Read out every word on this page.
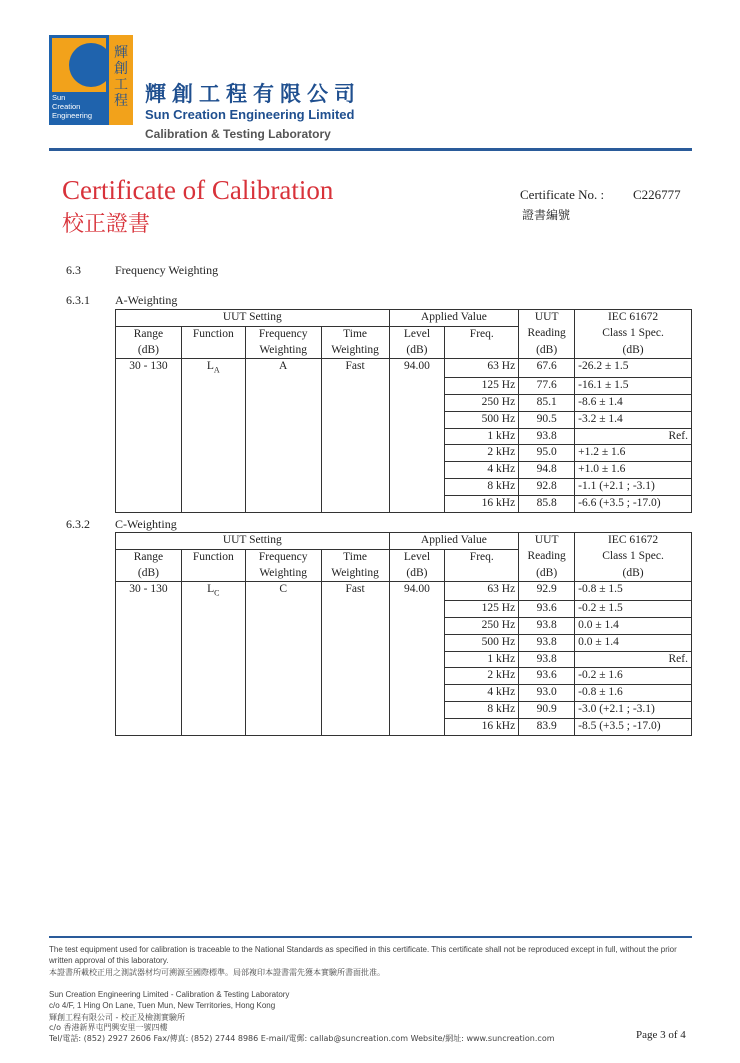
輝
創
工
程
Sun
Creation
Engineering
輝創工程有限公司
Sun Creation Engineering Limited
Calibration & Testing Laboratory
Certificate of Calibration
校正證書
Certificate No. : C226777
證書編號
6.3	Frequency Weighting
6.3.1 A-Weighting
UUT Setting				Applied Value		UUT	IEC 61672
Range	Function	Frequency	Time	Level	Freq.	Reading	Class 1 Spec.
(dB)		Weighting	Weighting	(dB)		(dB)	(dB)
30 - 130	$L_A$	A	Fast	94.00	63 Hz	67.6	-26.2 ± 1.5
					125 Hz	77.6	-16.1 ± 1.5
					250 Hz	85.1	-8.6 ± 1.4
					500 Hz	90.5	-3.2 ± 1.4
					1 kHz	93.8	Ref.
					2 kHz	95.0	+1.2 ± 1.6
					4 kHz	94.8	+1.0 ± 1.6
					8 kHz	92.8	-1.1 (+2.1 ; -3.1)
					16 kHz	85.8	-6.6 (+3.5 ; -17.0)
6.3.2 C-Weighting
UUT Setting				Applied Value		UUT	IEC 61672
Range	Function	Frequency	Time	Level	Freq.	Reading	Class 1 Spec.
(dB)		Weighting	Weighting	(dB)		(dB)	(dB)
30 - 130	$L_C$	C	Fast	94.00	63 Hz	92.9	-0.8 ± 1.5
					125 Hz	93.6	-0.2 ± 1.5
					250 Hz	93.8	0.0 ± 1.4
					500 Hz	93.8	0.0 ± 1.4
					1 kHz	93.8	Ref.
					2 kHz	93.6	-0.2 ± 1.6
					4 kHz	93.0	-0.8 ± 1.6
					8 kHz	90.9	-3.0 (+2.1 ; -3.1)
					16 kHz	83.9	-8.5 (+3.5 ; -17.0)
The test equipment used for calibration is traceable to the National Standards as specified in this certificate. This certificate shall not be reproduced except in full, without the prior
written approval of this laboratory.
本證書所載校正用之測試器材均可溯源至國際標準。局部複印本證書需先獲本實驗所書面批准。
Sun Creation Engineering Limited - Calibration & Testing Laboratory
c/o 4/F, 1 Hing On Lane, Tuen Mun, New Territories, Hong Kong
輝創工程有限公司 - 校正及檢測實驗所
c/o 香港新界屯門興安里一號四樓
Tel/電話: (852) 2927 2606 Fax/傳真: (852) 2744 8986 E-mail/電郵: callab@suncreation.com Website/網址: www.suncreation.com	Page 3 of 4
